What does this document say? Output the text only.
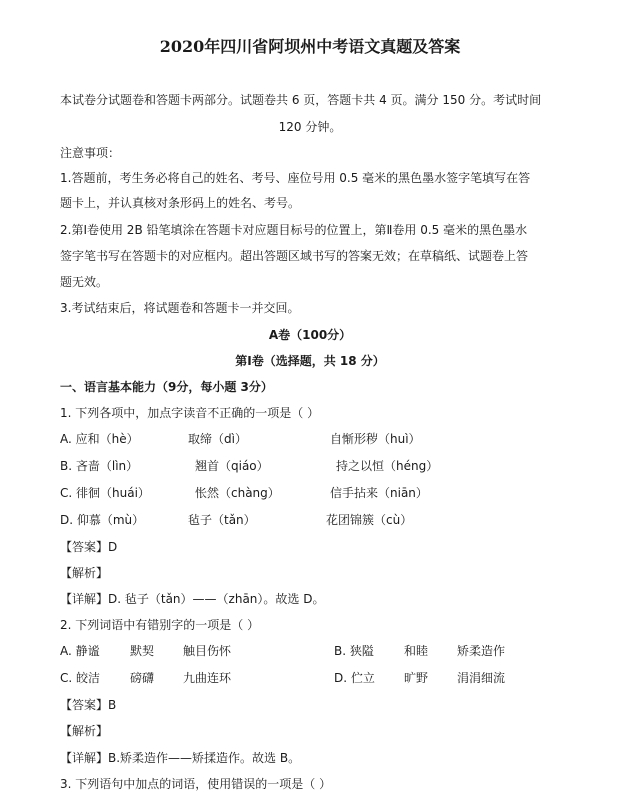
2020年四川省阿坝州中考语文真题及答案
本试卷分试题卷和答题卡两部分。试题卷共 6 页，答题卡共 4 页。满分 150 分。考试时间
120 分钟。
注意事项：
1.答题前，考生务必将自己的姓名、考号、座位号用 0.5 毫米的黑色墨水签字笔填写在答
题卡上，并认真核对条形码上的姓名、考号。
2.第Ⅰ卷使用 2B 铅笔填涂在答题卡对应题目标号的位置上，第Ⅱ卷用 0.5 毫米的黑色墨水
签字笔书写在答题卡的对应框内。超出答题区域书写的答案无效；在草稿纸、试题卷上答
题无效。
3.考试结束后，将试题卷和答题卡一并交回。
A卷（100分）
第Ⅰ卷（选择题，共 18 分）
一、语言基本能力（9分，每小题 3分）
1. 下列各项中，加点字读音不正确的一项是（ ）
A. 应和（hè）	取缔（dì）	自惭形秽（huì）
B. 吝啬（lìn）	翘首（qiáo）	持之以恒（héng）
C. 徘徊（huái）	怅然（chàng）	信手拈来（niān）
D. 仰慕（mù）	毡子（tǎn）	花团锦簇（cù）
【答案】D
【解析】
【详解】D. 毡子（tǎn）——（zhān）。故选 D。
2. 下列词语中有错别字的一项是（ ）
A. 静谧	默契 触目伤怀	B. 狭隘	和睦 矫柔造作
C. 皎洁 磅礴 九曲连环	D. 伫立 旷野 涓涓细流
【答案】B
【解析】
【详解】B.矫柔造作——矫揉造作。故选 B。
3. 下列语句中加点的词语，使用错误的一项是（ ）
